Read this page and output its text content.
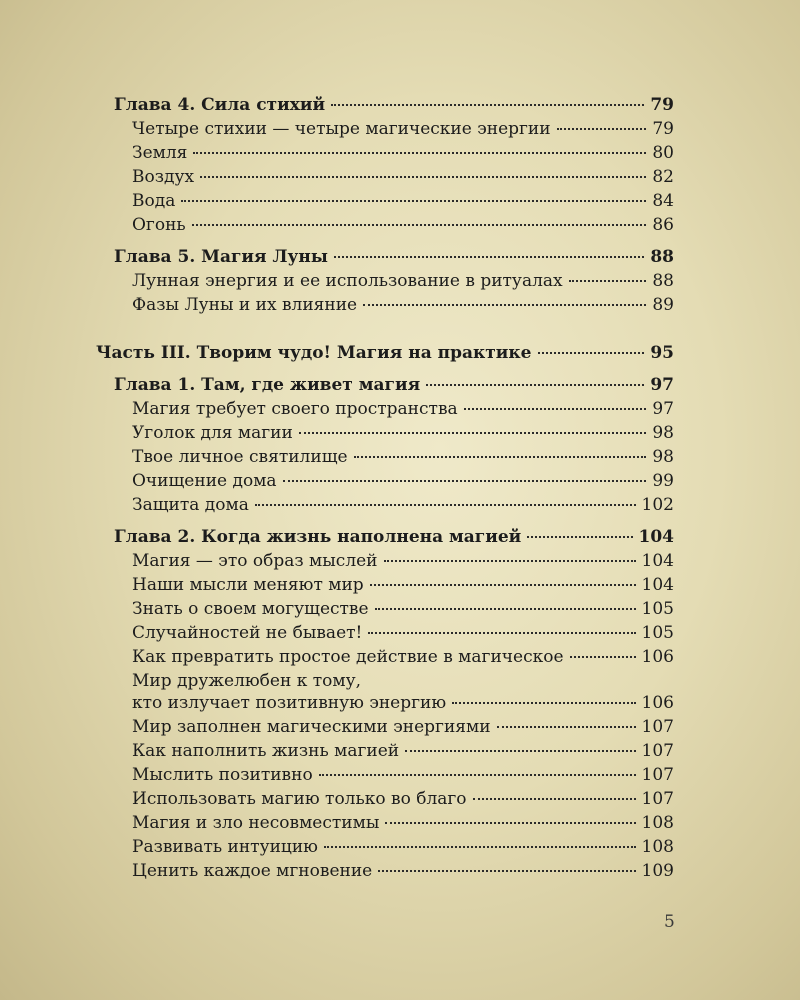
Глава 4. Сила стихий	79
Четыре стихии — четыре магические энергии	79
Земля	80
Воздух	82
Вода	84
Огонь	86
Глава 5. Магия Луны	88
Лунная энергия и ее использование в ритуалах	88
Фазы Луны и их влияние	89
Часть III. Творим чудо! Магия на практике	95
Глава 1. Там, где живет магия	97
Магия требует своего пространства	97
Уголок для магии	98
Твое личное святилище	98
Очищение дома	99
Защита дома	102
Глава 2. Когда жизнь наполнена магией	104
Магия — это образ мыслей	104
Наши мысли меняют мир	104
Знать о своем могуществе	105
Случайностей не бывает!	105
Как превратить простое действие в магическое	106
Мир дружелюбен к тому,
кто излучает позитивную энергию	106
Мир заполнен магическими энергиями	107
Как наполнить жизнь магией	107
Мыслить позитивно	107
Использовать магию только во благо	107
Магия и зло несовместимы	108
Развивать интуицию	108
Ценить каждое мгновение	109
5
